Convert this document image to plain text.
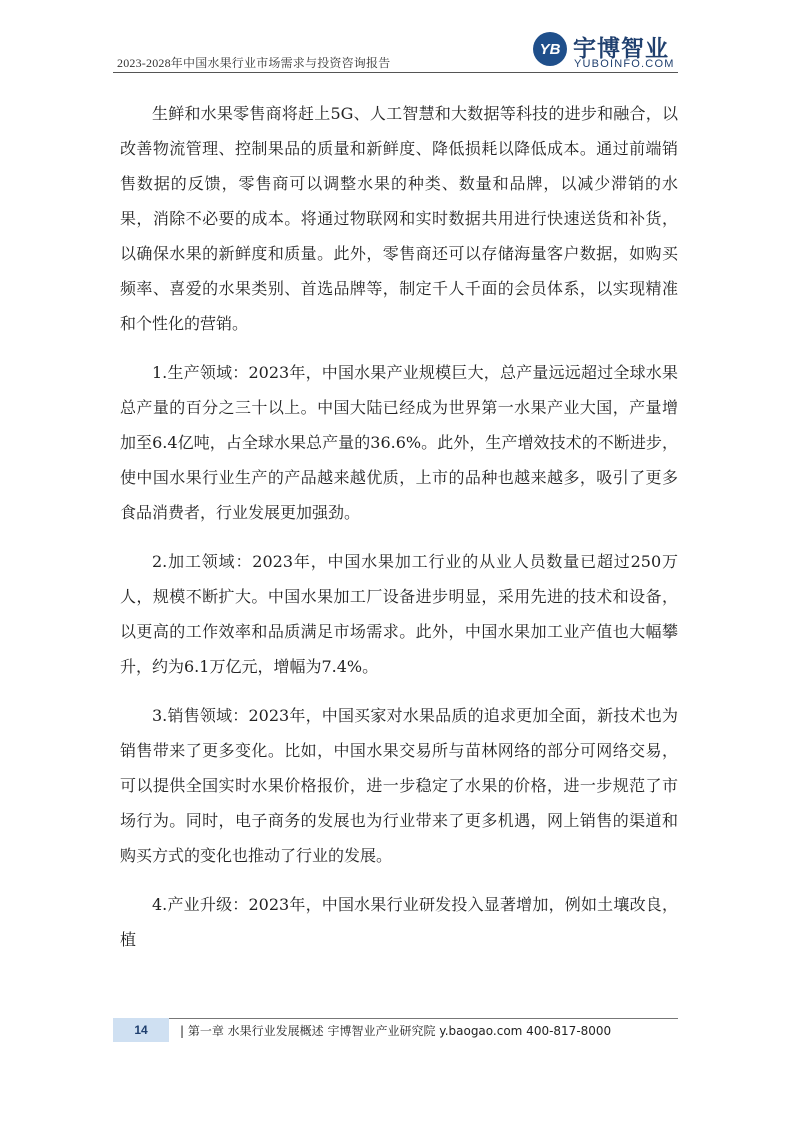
2023-2028年中国水果行业市场需求与投资咨询报告
YB 宇博智业
YUBOINFO.COM

生鲜和水果零售商将赶上5G、人工智慧和大数据等科技的进步和融合，以改善物流管理、控制果品的质量和新鲜度、降低损耗以降低成本。通过前端销售数据的反馈，零售商可以调整水果的种类、数量和品牌，以减少滞销的水果，消除不必要的成本。将通过物联网和实时数据共用进行快速送货和补货，以确保水果的新鲜度和质量。此外，零售商还可以存储海量客户数据，如购买频率、喜爱的水果类别、首选品牌等，制定千人千面的会员体系，以实现精准和个性化的营销。

1.生产领域：2023年，中国水果产业规模巨大，总产量远远超过全球水果总产量的百分之三十以上。中国大陆已经成为世界第一水果产业大国，产量增加至6.4亿吨，占全球水果总产量的36.6%。此外，生产增效技术的不断进步，使中国水果行业生产的产品越来越优质，上市的品种也越来越多，吸引了更多食品消费者，行业发展更加强劲。

2.加工领域：2023年，中国水果加工行业的从业人员数量已超过250万人，规模不断扩大。中国水果加工厂设备进步明显，采用先进的技术和设备，以更高的工作效率和品质满足市场需求。此外，中国水果加工业产值也大幅攀升，约为6.1万亿元，增幅为7.4%。

3.销售领域：2023年，中国买家对水果品质的追求更加全面，新技术也为销售带来了更多变化。比如，中国水果交易所与苗林网络的部分可网络交易，可以提供全国实时水果价格报价，进一步稳定了水果的价格，进一步规范了市场行为。同时，电子商务的发展也为行业带来了更多机遇，网上销售的渠道和购买方式的变化也推动了行业的发展。

4.产业升级：2023年，中国水果行业研发投入显著增加，例如土壤改良，植

14	| 第一章 水果行业发展概述 宇博智业产业研究院 y.baogao.com 400-817-8000
